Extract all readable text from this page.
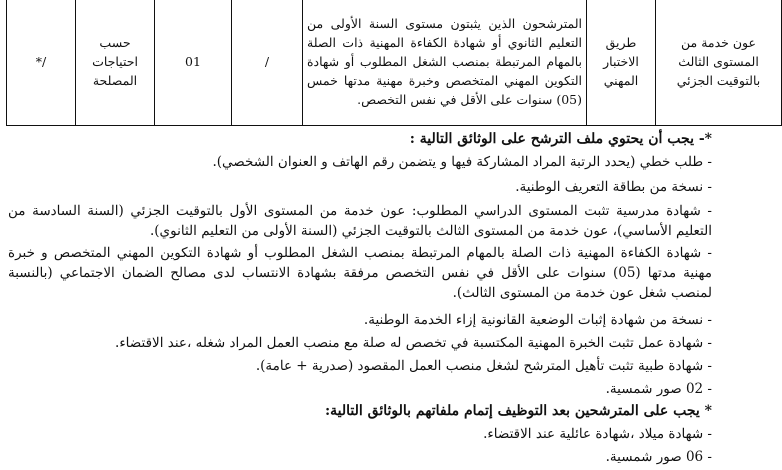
عون خدمة من المستوى الثالث بالتوقيت الجزئي	طريق الاختبار المهني	المترشحون الذين يثبتون مستوى السنة الأولى من التعليم الثانوي أو شهادة الكفاءة المهنية ذات الصلة بالمهام المرتبطة بمنصب الشغل المطلوب أو شهادة التكوين المهني المتخصص وخبرة مهنية مدتها خمس (05) سنوات على الأقل في نفس التخصص.	/	01	حسب احتياجات المصلحة	/*
*- يجب أن يحتوي ملف الترشح على الوثائق التالية :
- طلب خطي (يحدد الرتبة المراد المشاركة فيها و يتضمن رقم الهاتف و العنوان الشخصي).
- نسخة من بطاقة التعريف الوطنية.
- شهادة مدرسية تثبت المستوى الدراسي المطلوب: عون خدمة من المستوى الأول بالتوقيت الجزئي (السنة السادسة من التعليم الأساسي)، عون خدمة من المستوى الثالث بالتوقيت الجزئي (السنة الأولى من التعليم الثانوي).
- شهادة الكفاءة المهنية ذات الصلة بالمهام المرتبطة بمنصب الشغل المطلوب أو شهادة التكوين المهني المتخصص و خبرة مهنية مدتها (05) سنوات على الأقل في نفس التخصص مرفقة بشهادة الانتساب لدى مصالح الضمان الاجتماعي (بالنسبة لمنصب شغل عون خدمة من المستوى الثالث).
- نسخة من شهادة إثبات الوضعية القانونية إزاء الخدمة الوطنية.
- شهادة عمل تثبت الخبرة المهنية المكتسبة في تخصص له صلة مع منصب العمل المراد شغله ،عند الاقتضاء.
- شهادة طبية تثبت تأهيل المترشح لشغل منصب العمل المقصود (صدرية + عامة).
- 02 صور شمسية.
* يجب على المترشحين بعد التوظيف إتمام ملفاتهم بالوثائق التالية:
- شهادة ميلاد ،شهادة عائلية عند الاقتضاء.
- 06 صور شمسية.
